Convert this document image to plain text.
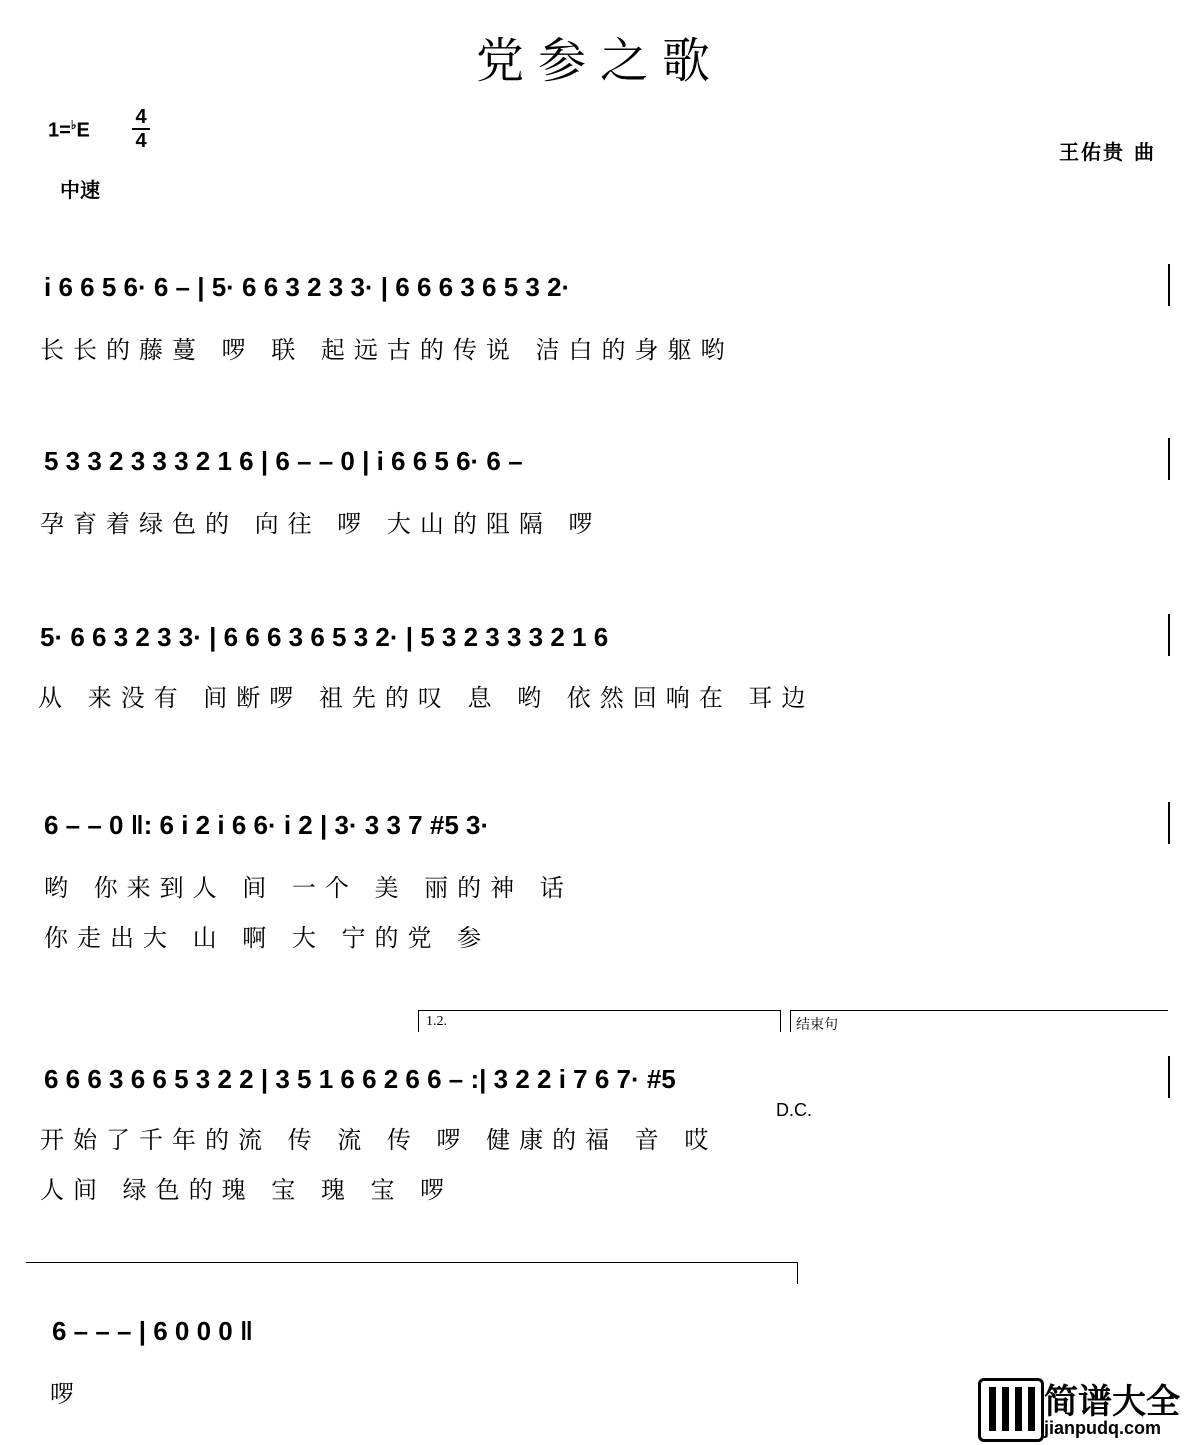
党参之歌
1=♭E
4
4
中速
王佑贵 曲
i 6 6 5 6· 6 – | 5· 6 6 3 2 3 3· | 6 6 6 3 6 5 3 2·
长长的藤蔓 啰 联 起远古的传说 洁白的身躯哟
5 3 3 2 3 3 3 2 1 6 | 6 – – 0 | i 6 6 5 6· 6 –
孕育着绿色的 向往 啰 大山的阻隔 啰
5· 6 6 3 2 3 3· | 6 6 6 3 6 5 3 2· | 5 3 2 3 3 3 2 1 6
从 来没有 间断啰 祖先的叹 息 哟 依然回响在 耳边
6 – – 0 ‖: 6 i 2 i 6 6· i 2 | 3· 3 3 7 #5 3·
哟 你来到人 间 一个 美 丽的神 话
你走出大 山 啊 大 宁的党 参
1.2.	结束句
6 6 6 3 6 6 5 3 2 2 | 3 5 1 6 6 2 6 6 – :| 3 2 2 i 7 6 7· #5
D.C.
开始了千年的流 传 流 传 啰 健康的福 音 哎
人间 绿色的瑰 宝 瑰 宝 啰
6 – – – | 6 0 0 0 ‖
啰	简谱大全
jianpudq.com
